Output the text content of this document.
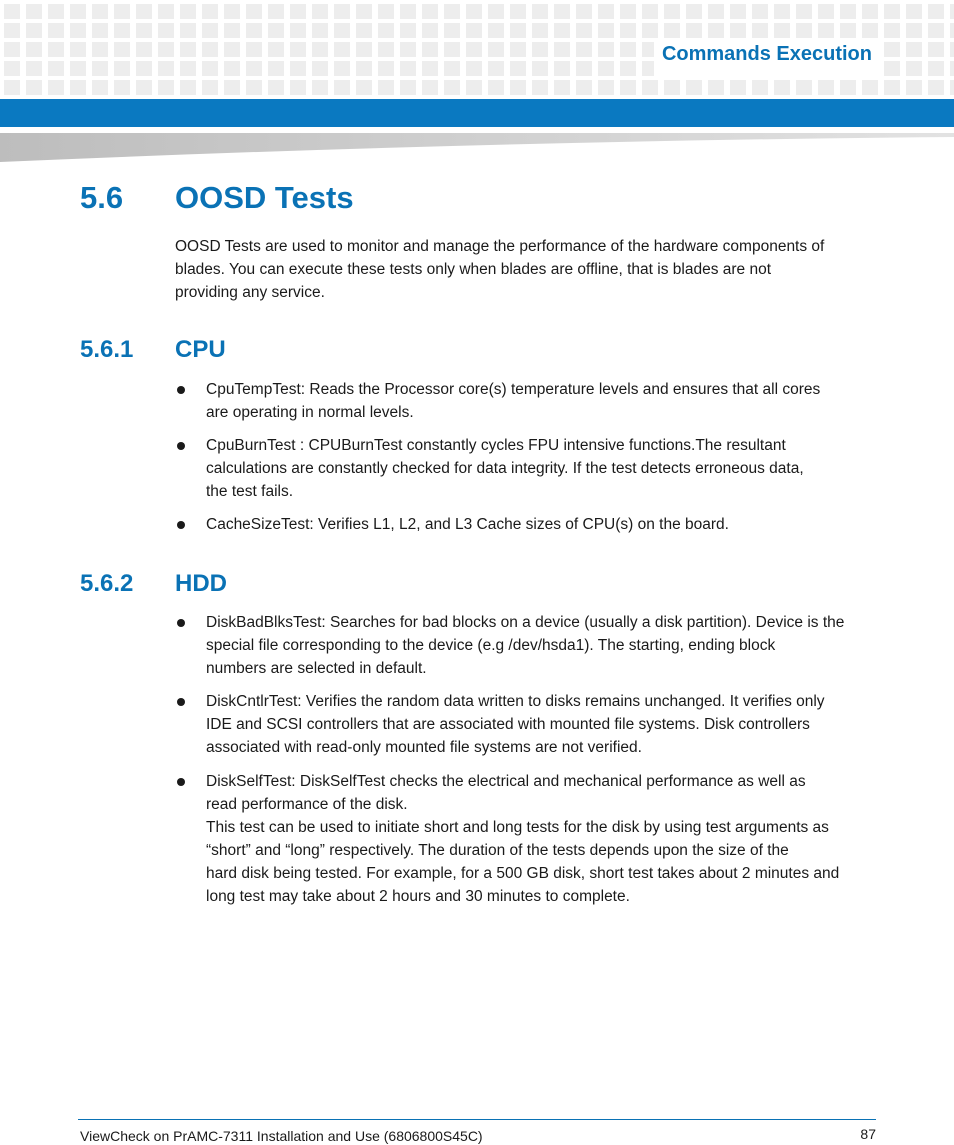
Commands Execution
5.6 OOSD Tests
OOSD Tests are used to monitor and manage the performance of the hardware components of
blades. You can execute these tests only when blades are offline, that is blades are not
providing any service.
5.6.1 CPU
CpuTempTest: Reads the Processor core(s) temperature levels and ensures that all cores
are operating in normal levels.
CpuBurnTest : CPUBurnTest constantly cycles FPU intensive functions.The resultant
calculations are constantly checked for data integrity. If the test detects erroneous data,
the test fails.
CacheSizeTest: Verifies L1, L2, and L3 Cache sizes of CPU(s) on the board.
5.6.2 HDD
DiskBadBlksTest: Searches for bad blocks on a device (usually a disk partition). Device is the
special file corresponding to the device (e.g /dev/hsda1). The starting, ending block
numbers are selected in default.
DiskCntlrTest: Verifies the random data written to disks remains unchanged. It verifies only
IDE and SCSI controllers that are associated with mounted file systems. Disk controllers
associated with read-only mounted file systems are not verified.
DiskSelfTest: DiskSelfTest checks the electrical and mechanical performance as well as
read performance of the disk.
This test can be used to initiate short and long tests for the disk by using test arguments as
“short” and “long” respectively. The duration of the tests depends upon the size of the
hard disk being tested. For example, for a 500 GB disk, short test takes about 2 minutes and
long test may take about 2 hours and 30 minutes to complete.
ViewCheck on PrAMC-7311 Installation and Use (6806800S45C)	87
